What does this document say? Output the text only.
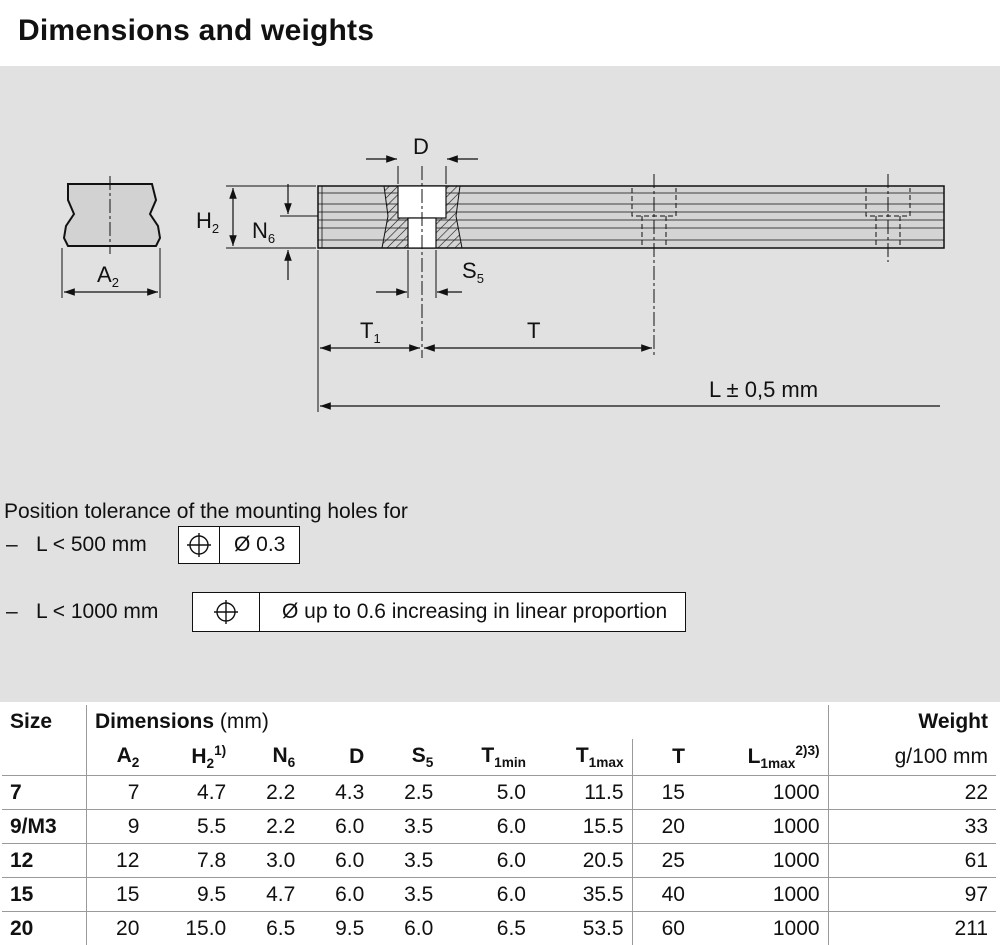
Dimensions and weights
$A_2$
$H_2$ $N_6$
D
$S_5$
$T_1$	T
L ± 0,5 mm
Position tolerance of the mounting holes for
– L < 500 mm	Ø 0.3
– L < 1000 mm	Ø up to 0.6 increasing in linear proportion
Size	Dimensions (mm)									Weight
	$A_2$	$H_2^{1)}$	$N_6$	D	$S_5$	$T_{1min}$	$T_{1max}$	T	$L_{1max}^{2)3)}$	g/100 mm
7	7	4.7	2.2	4.3	2.5	5.0	11.5	15	1000	22
9/M3	9	5.5	2.2	6.0	3.5	6.0	15.5	20	1000	33
12	12	7.8	3.0	6.0	3.5	6.0	20.5	25	1000	61
15	15	9.5	4.7	6.0	3.5	6.0	35.5	40	1000	97
20	20	15.0	6.5	9.5	6.0	6.5	53.5	60	1000	211
